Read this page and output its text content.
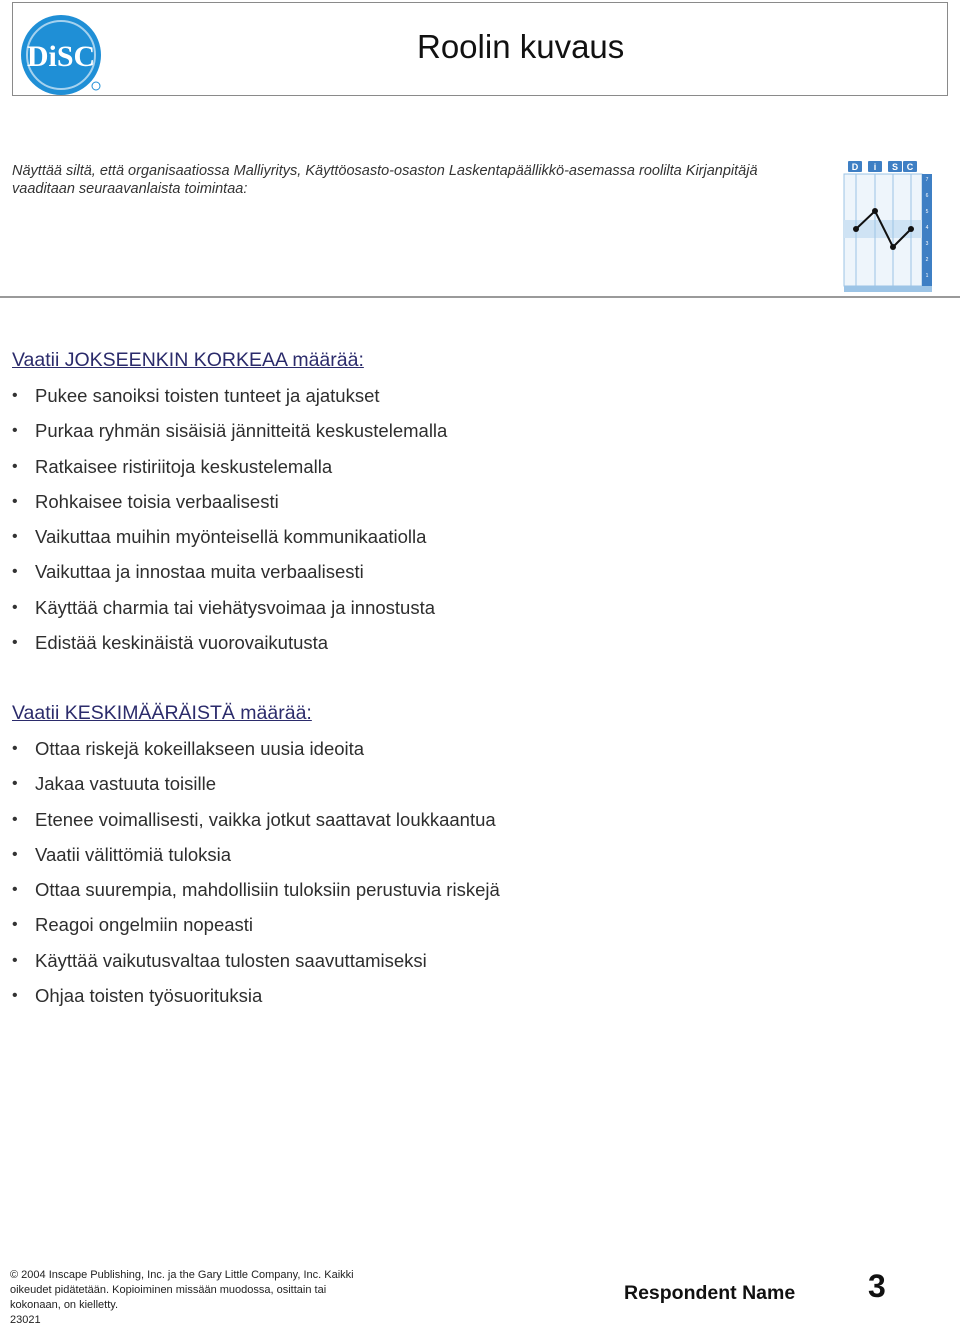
DiSC	Roolin kuvaus
Näyttää siltä, että organisaatiossa Malliyritys, Käyttöosasto-osaston Laskentapäällikkö-asemassa roolilta Kirjanpitäjä vaaditaan seuraavanlaista toimintaa:
D i S C
7
6
5
4
3
2
1
Vaatii JOKSEENKIN KORKEAA määrää:
• Pukee sanoiksi toisten tunteet ja ajatukset
• Purkaa ryhmän sisäisiä jännitteitä keskustelemalla
• Ratkaisee ristiriitoja keskustelemalla
• Rohkaisee toisia verbaalisesti
• Vaikuttaa muihin myönteisellä kommunikaatiolla
• Vaikuttaa ja innostaa muita verbaalisesti
• Käyttää charmia tai viehätysvoimaa ja innostusta
• Edistää keskinäistä vuorovaikutusta
Vaatii KESKIMÄÄRÄISTÄ määrää:
• Ottaa riskejä kokeillakseen uusia ideoita
• Jakaa vastuuta toisille
• Etenee voimallisesti, vaikka jotkut saattavat loukkaantua
• Vaatii välittömiä tuloksia
• Ottaa suurempia, mahdollisiin tuloksiin perustuvia riskejä
• Reagoi ongelmiin nopeasti
• Käyttää vaikutusvaltaa tulosten saavuttamiseksi
• Ohjaa toisten työsuorituksia
© 2004 Inscape Publishing, Inc. ja the Gary Little Company, Inc. Kaikki
oikeudet pidätetään. Kopioiminen missään muodossa, osittain tai
kokonaan, on kielletty.
23021
Respondent Name 3
